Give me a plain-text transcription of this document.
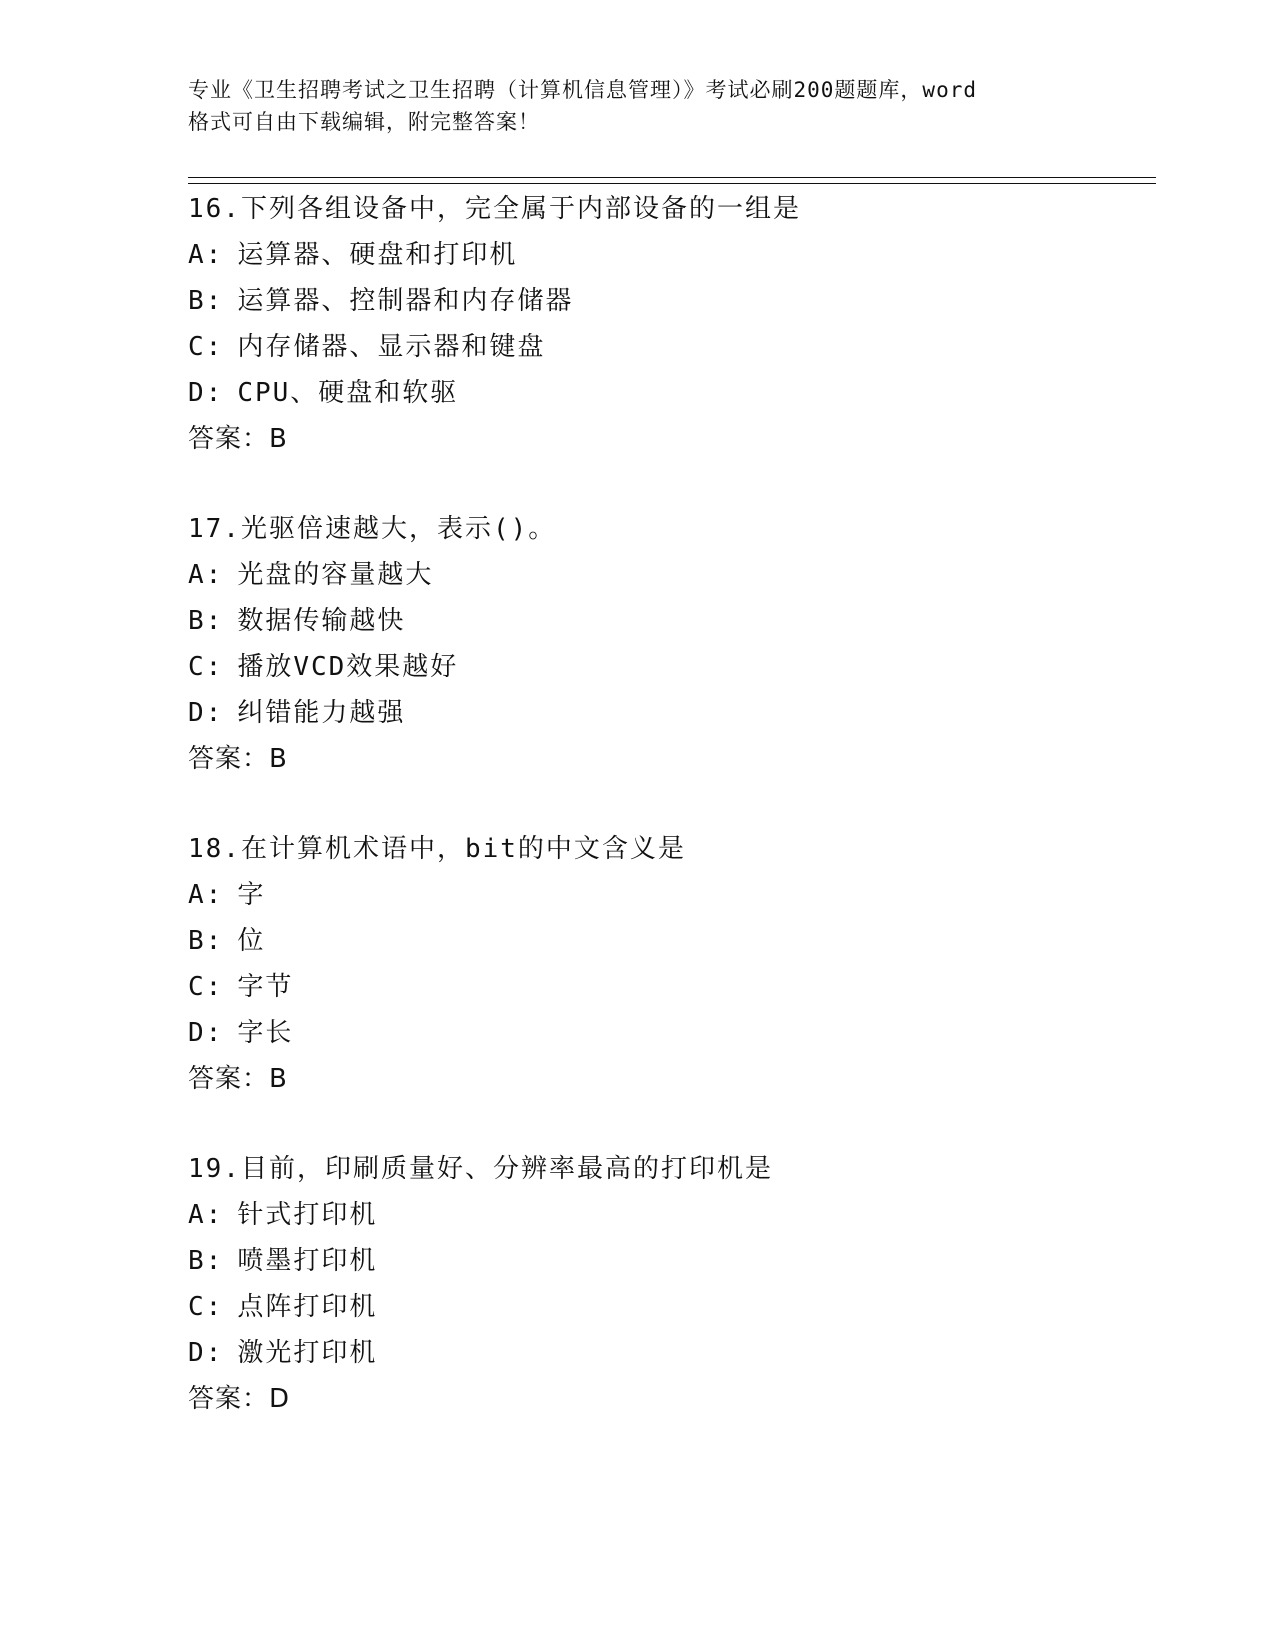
专业《卫生招聘考试之卫生招聘（计算机信息管理）》考试必刷200题题库，word
格式可自由下载编辑，附完整答案！
16.下列各组设备中，完全属于内部设备的一组是
A: 运算器、硬盘和打印机
B: 运算器、控制器和内存储器
C: 内存储器、显示器和键盘
D: CPU、硬盘和软驱
答案：B
17.光驱倍速越大，表示()。
A: 光盘的容量越大
B: 数据传输越快
C: 播放VCD效果越好
D: 纠错能力越强
答案：B
18.在计算机术语中，bit的中文含义是
A: 字
B: 位
C: 字节
D: 字长
答案：B
19.目前，印刷质量好、分辨率最高的打印机是
A: 针式打印机
B: 喷墨打印机
C: 点阵打印机
D: 激光打印机
答案：D
